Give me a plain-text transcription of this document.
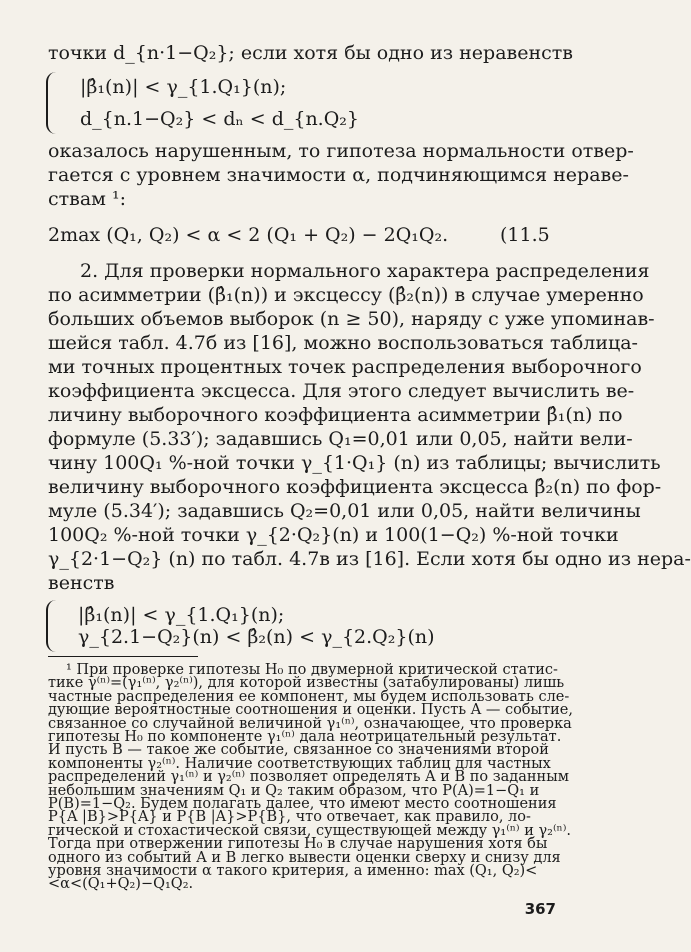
точки d_{n·1−Q₂}; если хотя бы одно из неравенств
|β̂₁(n)| < γ_{1.Q₁}(n);
d_{n.1−Q₂} < dₙ < d_{n.Q₂}
оказалось нарушенным, то гипотеза нормальности отвер-
гается с уровнем значимости α, подчиняющимся нераве-
ствам ¹:
2max (Q₁, Q₂) < α < 2 (Q₁ + Q₂) − 2Q₁Q₂.	(11.5
2. Для проверки нормального характера распределения
по асимметрии (β̂₁(n)) и эксцессу (β̂₂(n)) в случае умеренно
больших объемов выборок (n ≥ 50), наряду с уже упоминав-
шейся табл. 4.7б из [16], можно воспользоваться таблица-
ми точных процентных точек распределения выборочного
коэффициента эксцесса. Для этого следует вычислить ве-
личину выборочного коэффициента асимметрии β̂₁(n) по
формуле (5.33′); задавшись Q₁=0,01 или 0,05, найти вели-
чину 100Q₁ %-ной точки γ_{1·Q₁} (n) из таблицы; вычислить
величину выборочного коэффициента эксцесса β̂₂(n) по фор-
муле (5.34′); задавшись Q₂=0,01 или 0,05, найти величины
100Q₂ %-ной точки γ_{2·Q₂}(n) и 100(1−Q₂) %-ной точки
γ_{2·1−Q₂} (n) по табл. 4.7в из [16]. Если хотя бы одно из нера-
венств
|β̂₁(n)| < γ_{1.Q₁}(n);
¹ При проверке гипотезы H₀ по двумерной критической статис-
тике γ⁽ⁿ⁾=(γ₁⁽ⁿ⁾, γ₂⁽ⁿ⁾), для которой известны (затабулированы) лишь
частные распределения ее компонент, мы будем использовать сле-
дующие вероятностные соотношения и оценки. Пусть A — событие,
связанное со случайной величиной γ₁⁽ⁿ⁾, означающее, что проверка
гипотезы H₀ по компоненте γ₁⁽ⁿ⁾ дала неотрицательный результат.
И пусть B — такое же событие, связанное со значениями второй
компоненты γ₂⁽ⁿ⁾. Наличие соответствующих таблиц для частных
распределений γ₁⁽ⁿ⁾ и γ₂⁽ⁿ⁾ позволяет определять A и B по заданным
небольшим значениям Q₁ и Q₂ таким образом, что P(A)=1−Q₁ и
P(B)=1−Q₂. Будем полагать далее, что имеют место соотношения
P{A |B}>P{A} и P{B |A}>P{B}, что отвечает, как правило, ло-
гической и стохастической связи, существующей между γ₁⁽ⁿ⁾ и γ₂⁽ⁿ⁾.
Тогда при отвержении гипотезы H₀ в случае нарушения хотя бы
одного из событий A и B легко вывести оценки сверху и снизу для
уровня значимости α такого критерия, а именно: max (Q₁, Q₂)<
<α<(Q₁+Q₂)−Q₁Q₂.
367
γ_{2.1−Q₂}(n) < β̂₂(n) < γ_{2.Q₂}(n)
